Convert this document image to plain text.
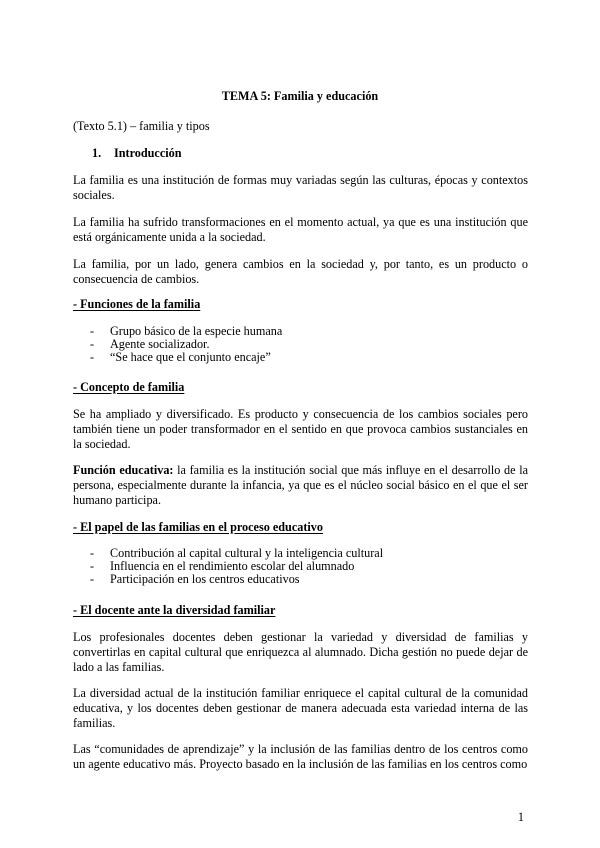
TEMA 5: Familia y educación

(Texto 5.1) – familia y tipos

1. Introducción

La familia es una institución de formas muy variadas según las culturas, épocas y contextos sociales.

La familia ha sufrido transformaciones en el momento actual, ya que es una institución que está orgánicamente unida a la sociedad.

La familia, por un lado, genera cambios en la sociedad y, por tanto, es un producto o consecuencia de cambios.

- Funciones de la familia

- Grupo básico de la especie humana
- Agente socializador.
- “Se hace que el conjunto encaje”

- Concepto de familia

Se ha ampliado y diversificado. Es producto y consecuencia de los cambios sociales pero también tiene un poder transformador en el sentido en que provoca cambios sustanciales en la sociedad.

Función educativa: la familia es la institución social que más influye en el desarrollo de la persona, especialmente durante la infancia, ya que es el núcleo social básico en el que el ser humano participa.

- El papel de las familias en el proceso educativo

- Contribución al capital cultural y la inteligencia cultural
- Influencia en el rendimiento escolar del alumnado
- Participación en los centros educativos

- El docente ante la diversidad familiar

Los profesionales docentes deben gestionar la variedad y diversidad de familias y convertirlas en capital cultural que enriquezca al alumnado. Dicha gestión no puede dejar de lado a las familias.

La diversidad actual de la institución familiar enriquece el capital cultural de la comunidad educativa, y los docentes deben gestionar de manera adecuada esta variedad interna de las familias.

Las “comunidades de aprendizaje” y la inclusión de las familias dentro de los centros como un agente educativo más. Proyecto basado en la inclusión de las familias en los centros como

1
